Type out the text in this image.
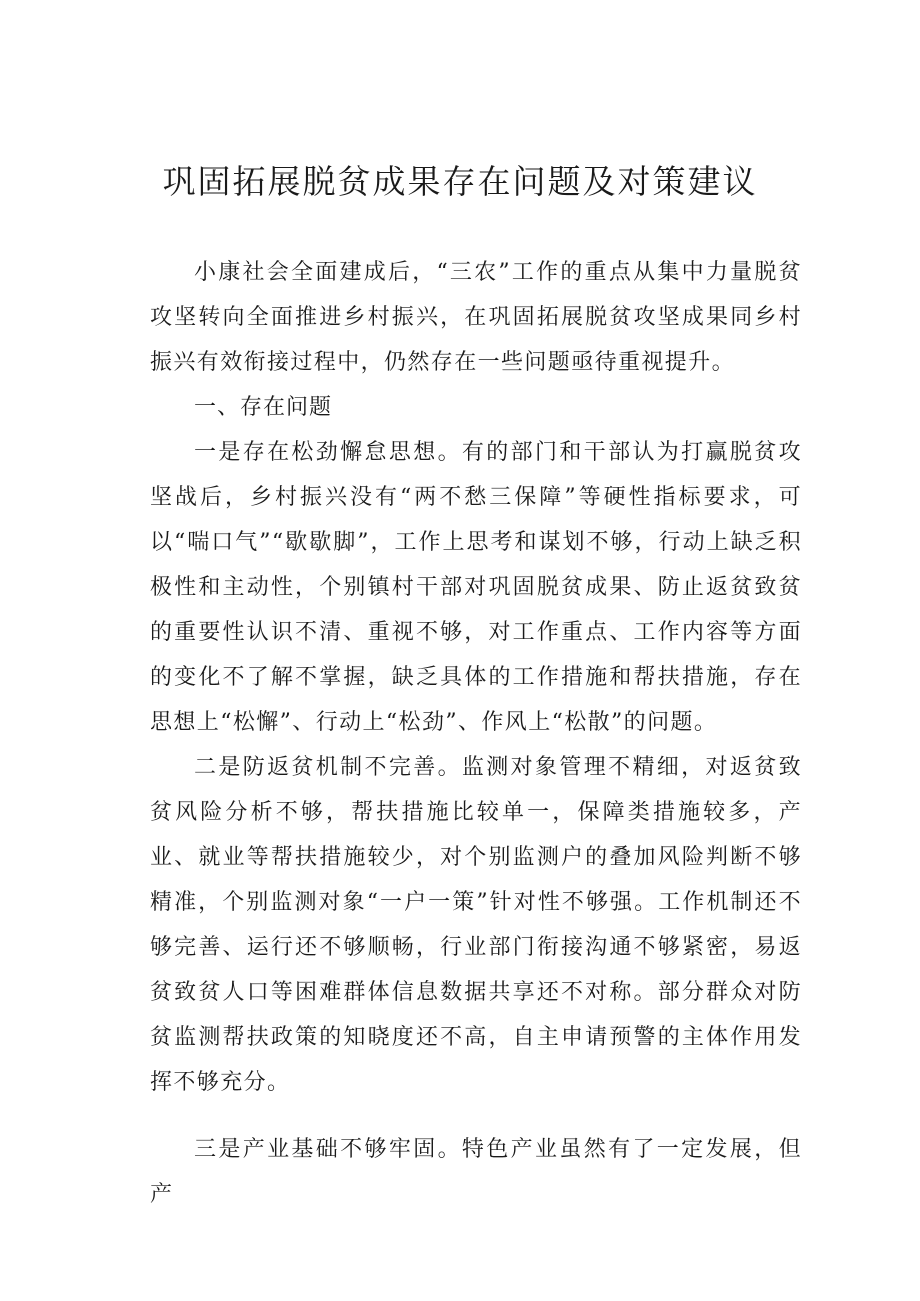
巩固拓展脱贫成果存在问题及对策建议

小康社会全面建成后，“三农”工作的重点从集中力量脱贫攻坚转向全面推进乡村振兴，在巩固拓展脱贫攻坚成果同乡村振兴有效衔接过程中，仍然存在一些问题亟待重视提升。

一、存在问题

一是存在松劲懈怠思想。有的部门和干部认为打赢脱贫攻坚战后，乡村振兴没有“两不愁三保障”等硬性指标要求，可以“喘口气”“歇歇脚”，工作上思考和谋划不够，行动上缺乏积极性和主动性，个别镇村干部对巩固脱贫成果、防止返贫致贫的重要性认识不清、重视不够，对工作重点、工作内容等方面的变化不了解不掌握，缺乏具体的工作措施和帮扶措施，存在思想上“松懈”、行动上“松劲”、作风上“松散”的问题。

二是防返贫机制不完善。监测对象管理不精细，对返贫致贫风险分析不够，帮扶措施比较单一，保障类措施较多，产业、就业等帮扶措施较少，对个别监测户的叠加风险判断不够精准，个别监测对象“一户一策”针对性不够强。工作机制还不够完善、运行还不够顺畅，行业部门衔接沟通不够紧密，易返贫致贫人口等困难群体信息数据共享还不对称。部分群众对防贫监测帮扶政策的知晓度还不高，自主申请预警的主体作用发挥不够充分。

三是产业基础不够牢固。特色产业虽然有了一定发展，但产
